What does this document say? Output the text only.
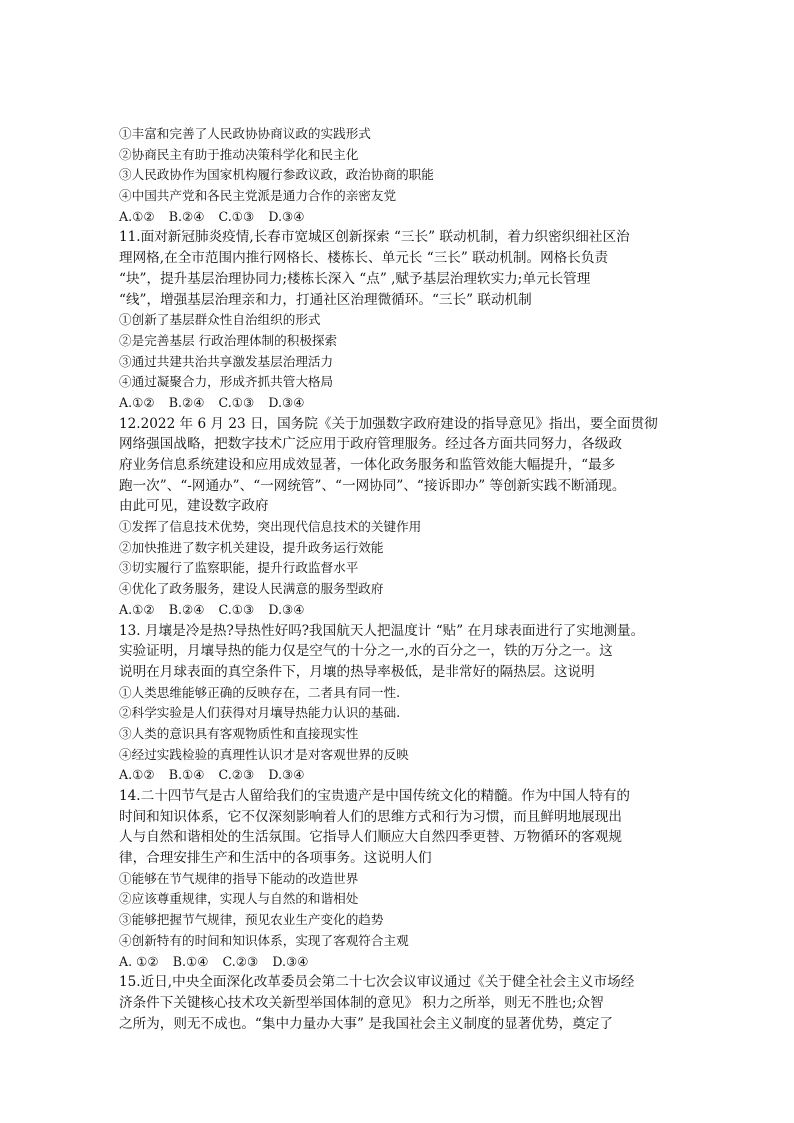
①丰富和完善了人民政协协商议政的实践形式
②协商民主有助于推动决策科学化和民主化
③人民政协作为国家机构履行参政议政，政治协商的职能
④中国共产党和各民主党派是通力合作的亲密友党
A.①② B.②④ C.①③ D.③④
11.面对新冠肺炎疫情,长春市宽城区创新探索 “三长” 联动机制，着力织密织细社区治
理网格,在全市范围内推行网格长、楼栋长、单元长 “三长” 联动机制。网格长负责
“块”，提升基层治理协同力;楼栋长深入 “点” ,赋予基层治理软实力;单元长管理
“线”，增强基层治理亲和力，打通社区治理微循环。“三长” 联动机制
①创新了基层群众性自治组织的形式
②是完善基层 行政治理体制的积极探索
③通过共建共治共享激发基层治理活力
④通过凝聚合力，形成齐抓共管大格局
A.①② B.②④ C.①③ D.③④
12.2022 年 6 月 23 日，国务院《关于加强数字政府建设的指导意见》指出，要全面贯彻
网络强国战略，把数字技术广泛应用于政府管理服务。经过各方面共同努力，各级政
府业务信息系统建设和应用成效显著，一体化政务服务和监管效能大幅提升，“最多
跑一次”、“-网通办”、“一网统管”、“一网协同”、“接诉即办” 等创新实践不断涌现。
由此可见，建设数字政府
①发挥了信息技术优势，突出现代信息技术的关键作用
②加快推进了数字机关建设，提升政务运行效能
③切实履行了监察职能，提升行政监督水平
④优化了政务服务，建设人民满意的服务型政府
A.①② B.②④ C.①③ D.③④
13. 月壤是冷是热?导热性好吗?我国航天人把温度计 “贴” 在月球表面进行了实地测量。
实验证明，月壤导热的能力仅是空气的十分之一,水的百分之一，铁的万分之一。这
说明在月球表面的真空条件下，月壤的热导率极低，是非常好的隔热层。这说明
①人类思维能够正确的反映存在，二者具有同一性.
②科学实验是人们获得对月壤导热能力认识的基础.
③人类的意识具有客观物质性和直接现实性
④经过实践检验的真理性认识才是对客观世界的反映
A.①② B.①④ C.②③ D.③④
14.二十四节气是古人留给我们的宝贵遗产是中国传统文化的精髓。作为中国人特有的
时间和知识体系，它不仅深刻影响着人们的思维方式和行为习惯，而且鲜明地展现出
人与自然和谐相处的生活氛围。它指导人们顺应大自然四季更替、万物循环的客观规
律，合理安排生产和生活中的各项事务。这说明人们
①能够在节气规律的指导下能动的改造世界
②应该尊重规律，实现人与自然的和谐相处
③能够把握节气规律，预见农业生产变化的趋势
④创新特有的时间和知识体系，实现了客观符合主观
A. ①② B.①④ C.②③ D.③④
15.近日,中央全面深化改革委员会第二十七次会议审议通过《关于健全社会主义市场经
济条件下关键核心技术攻关新型举国体制的意见》 积力之所举，则无不胜也;众智
之所为，则无不成也。“集中力量办大事” 是我国社会主义制度的显著优势，奠定了
